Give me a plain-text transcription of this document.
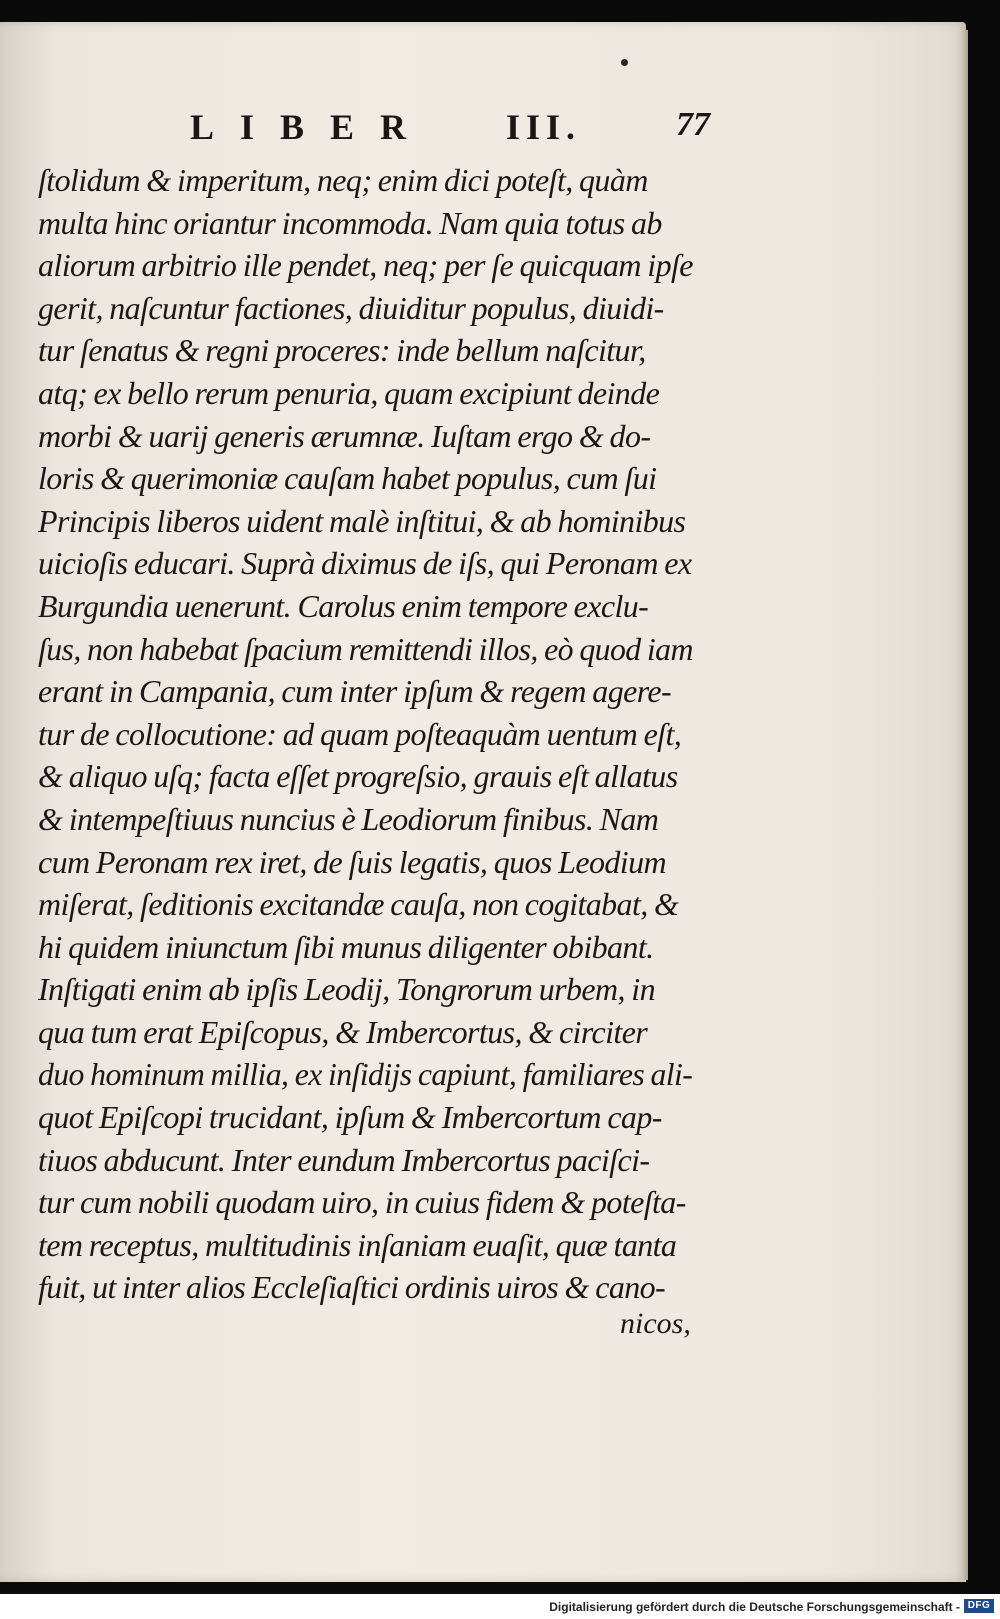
LIBER III.	77
ſtolidum & imperitum, neq; enim dici poteſt, quàm
multa hinc oriantur incommoda. Nam quia totus ab
aliorum arbitrio ille pendet, neq; per ſe quicquam ipſe
gerit, naſcuntur factiones, diuiditur populus, diuidi-
tur ſenatus & regni proceres: inde bellum naſcitur,
atq; ex bello rerum penuria, quam excipiunt deinde
morbi & uarij generis ærumnæ. Iuſtam ergo & do-
loris & querimoniæ cauſam habet populus, cum ſui
Principis liberos uident malè inſtitui, & ab hominibus
uicioſis educari. Suprà diximus de iſs, qui Peronam ex
Burgundia uenerunt. Carolus enim tempore exclu-
ſus, non habebat ſpacium remittendi illos, eò quod iam
erant in Campania, cum inter ipſum & regem agere-
tur de collocutione: ad quam poſteaquàm uentum eſt,
& aliquo uſq; facta eſſet progreſsio, grauis eſt allatus
& intempeſtiuus nuncius è Leodiorum finibus. Nam
cum Peronam rex iret, de ſuis legatis, quos Leodium
miſerat, ſeditionis excitandæ cauſa, non cogitabat, &
hi quidem iniunctum ſibi munus diligenter obibant.
Inſtigati enim ab ipſis Leodij, Tongrorum urbem, in
qua tum erat Epiſcopus, & Imbercortus, & circiter
duo hominum millia, ex inſidijs capiunt, familiares ali-
quot Epiſcopi trucidant, ipſum & Imbercortum cap-
tiuos abducunt. Inter eundum Imbercortus paciſci-
tur cum nobili quodam uiro, in cuius fidem & poteſta-
tem receptus, multitudinis inſaniam euaſit, quæ tanta
fuit, ut inter alios Eccleſiaſtici ordinis uiros & cano-
nicos,
Digitalisierung gefördert durch die Deutsche Forschungsgemeinschaft - DFG
